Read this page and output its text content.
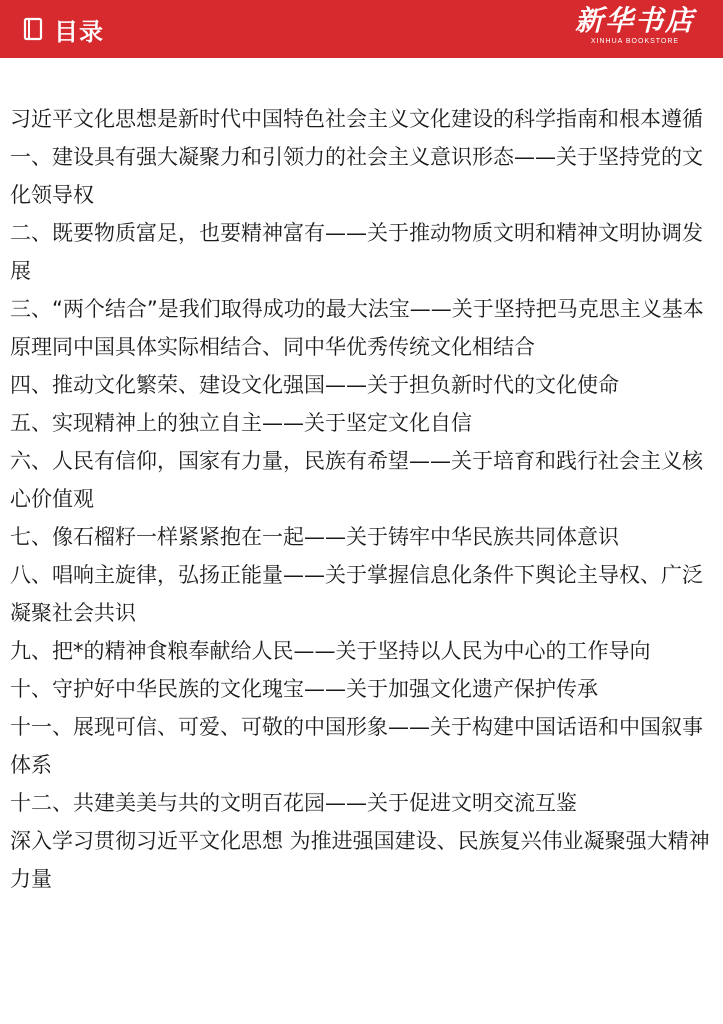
目录	新华书店
XINHUA BOOKSTORE
习近平文化思想是新时代中国特色社会主义文化建设的科学指南和根本遵循
一、建设具有强大凝聚力和引领力的社会主义意识形态——关于坚持党的文化领导权
二、既要物质富足，也要精神富有——关于推动物质文明和精神文明协调发展
三、“两个结合”是我们取得成功的最大法宝——关于坚持把马克思主义基本原理同中国具体实际相结合、同中华优秀传统文化相结合
四、推动文化繁荣、建设文化强国——关于担负新时代的文化使命
五、实现精神上的独立自主——关于坚定文化自信
六、人民有信仰，国家有力量，民族有希望——关于培育和践行社会主义核心价值观
七、像石榴籽一样紧紧抱在一起——关于铸牢中华民族共同体意识
八、唱响主旋律，弘扬正能量——关于掌握信息化条件下舆论主导权、广泛凝聚社会共识
九、把*的精神食粮奉献给人民——关于坚持以人民为中心的工作导向
十、守护好中华民族的文化瑰宝——关于加强文化遗产保护传承
十一、展现可信、可爱、可敬的中国形象——关于构建中国话语和中国叙事体系
十二、共建美美与共的文明百花园——关于促进文明交流互鉴
深入学习贯彻习近平文化思想 为推进强国建设、民族复兴伟业凝聚强大精神力量
